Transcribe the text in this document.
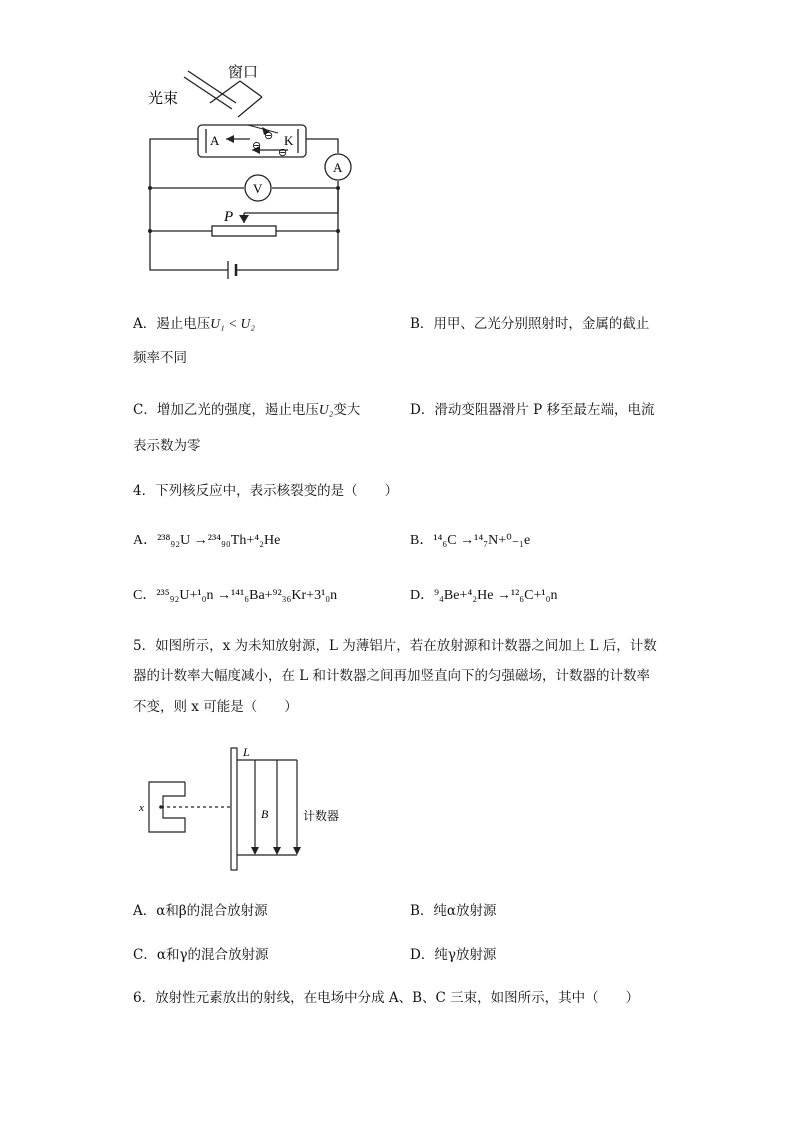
窗口
光束
A	K
⊖
⊖
⊖
A
V
P
A．遏止电压U₁ < U₂	B．用甲、乙光分别照射时，金属的截止
频率不同
C．增加乙光的强度，遏止电压U₂变大	D．滑动变阻器滑片 P 移至最左端，电流
表示数为零
4．下列核反应中，表示核裂变的是（　　）
A．²³⁸₉₂U →²³⁴₉₀Th+⁴₂He	B．¹⁴₆C →¹⁴₇N+⁰₋₁e
C．²³⁵₉₂U+¹₀n →¹⁴¹₆Ba+⁹²₃₆Kr+3¹₀n	D．⁹₄Be+⁴₂He →¹²₆C+¹₀n
5．如图所示，x 为未知放射源，L 为薄铝片，若在放射源和计数器之间加上 L 后，计数
器的计数率大幅度减小，在 L 和计数器之间再加竖直向下的匀强磁场，计数器的计数率
不变，则 x 可能是（　　）
L
x	B	计数器
A．α和β的混合放射源	B．纯α放射源
C．α和γ的混合放射源	D．纯γ放射源
6．放射性元素放出的射线，在电场中分成 A、B、C 三束，如图所示，其中（　　）
